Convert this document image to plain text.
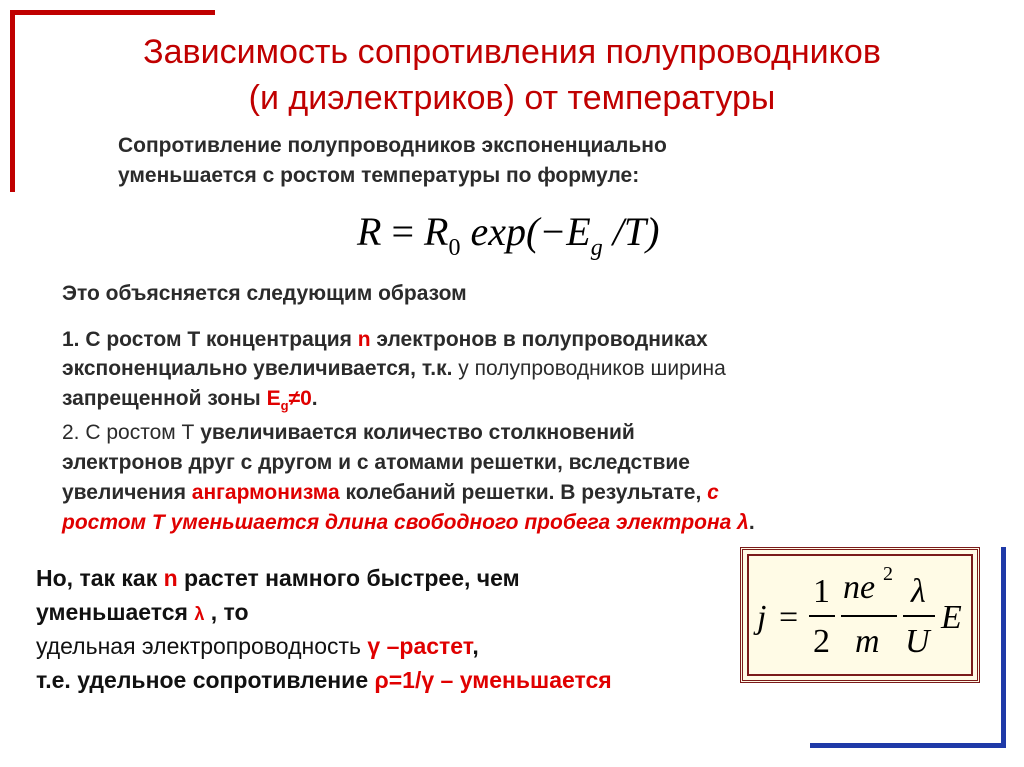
Зависимость сопротивления полупроводников
(и диэлектриков) от температуры
Сопротивление полупроводников экспоненциально
уменьшается с ростом температуры по формуле:
$R = R_0$ $\exp(-E_g$ /T)
Это объясняется следующим образом
1. С ростом Т концентрация n электронов в полупроводниках
экспоненциально увеличивается, т.к. у полупроводников ширина
запрещенной зоны $E_g\ne 0$.
2. С ростом Т увеличивается количество столкновений
электронов друг с другом и с атомами решетки, вследствие
увеличения ангармонизма колебаний решетки. В результате, с
ростом Т уменьшается длина свободного пробега электрона λ.
Но, так как n растет намного быстрее, чем
уменьшается λ , то
удельная электропроводность γ –растет,
т.е. удельное сопротивление ρ=1/γ – уменьшается
j =
1
2
ne 2
m
λ
U
E
